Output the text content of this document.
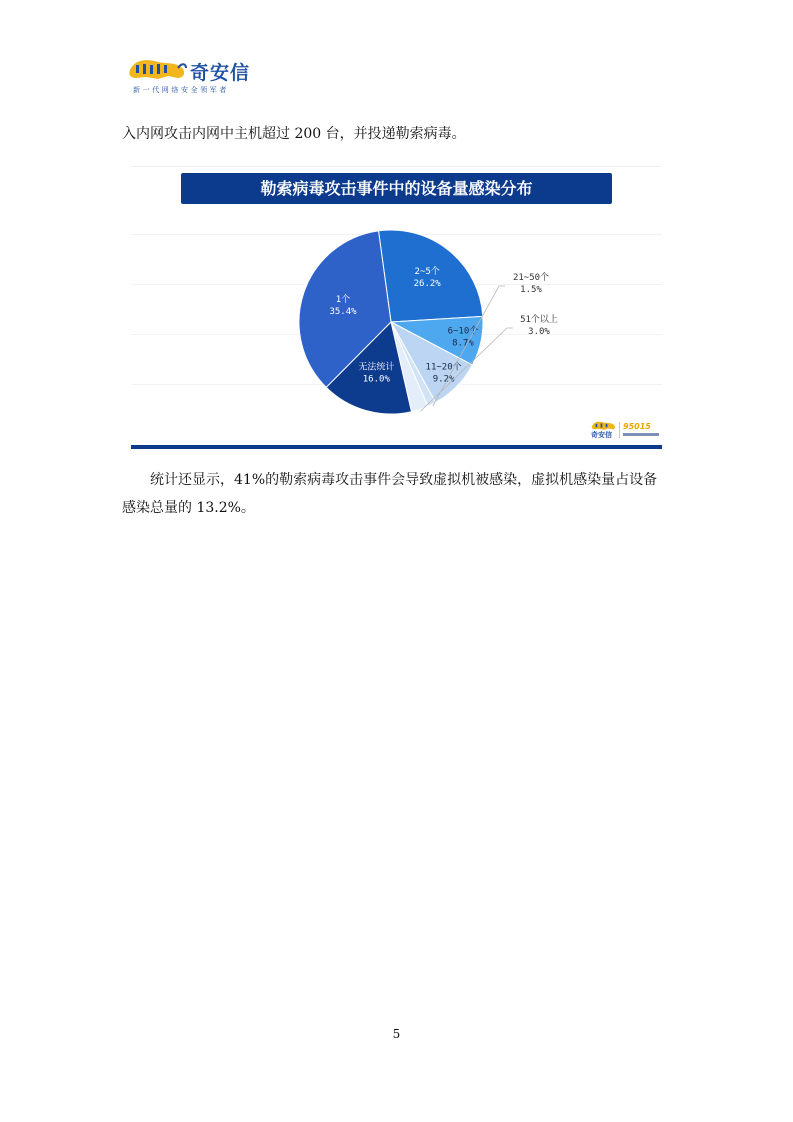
奇安信
新一代网络安全领军者

入内网攻击内网中主机超过 200 台，并投递勒索病毒。

勒索病毒攻击事件中的设备量感染分布
2~5个
26.2%
6~10个
8.7%
11~20个
9.2%
21~50个
1.5%
51个以上
3.0%
无法统计
16.0%
1个
35.4%
奇安信
95015

统计还显示，41%的勒索病毒攻击事件会导致虚拟机被感染，虚拟机感染量占设备感染总量的 13.2%。

5
